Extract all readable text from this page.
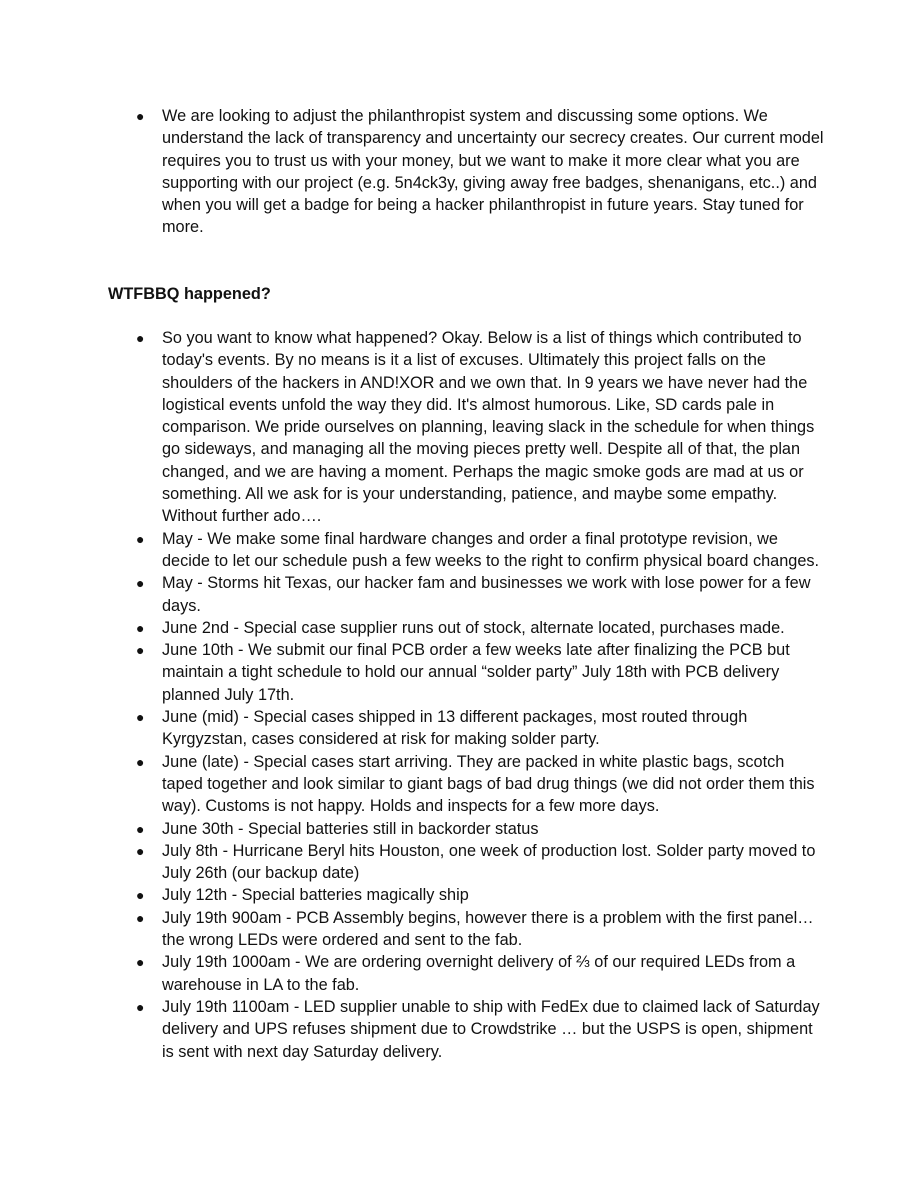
● We are looking to adjust the philanthropist system and discussing some options. We understand the lack of transparency and uncertainty our secrecy creates. Our current model requires you to trust us with your money, but we want to make it more clear what you are supporting with our project (e.g. 5n4ck3y, giving away free badges, shenanigans, etc..) and when you will get a badge for being a hacker philanthropist in future years. Stay tuned for more.
WTFBBQ happened?
● So you want to know what happened? Okay. Below is a list of things which contributed to today's events. By no means is it a list of excuses. Ultimately this project falls on the shoulders of the hackers in AND!XOR and we own that. In 9 years we have never had the logistical events unfold the way they did. It's almost humorous. Like, SD cards pale in comparison. We pride ourselves on planning, leaving slack in the schedule for when things go sideways, and managing all the moving pieces pretty well. Despite all of that, the plan changed, and we are having a moment. Perhaps the magic smoke gods are mad at us or something. All we ask for is your understanding, patience, and maybe some empathy. Without further ado….
● May - We make some final hardware changes and order a final prototype revision, we decide to let our schedule push a few weeks to the right to confirm physical board changes.
● May - Storms hit Texas, our hacker fam and businesses we work with lose power for a few days.
● June 2nd - Special case supplier runs out of stock, alternate located, purchases made.
● June 10th - We submit our final PCB order a few weeks late after finalizing the PCB but maintain a tight schedule to hold our annual “solder party” July 18th with PCB delivery planned July 17th.
● June (mid) - Special cases shipped in 13 different packages, most routed through Kyrgyzstan, cases considered at risk for making solder party.
● June (late) - Special cases start arriving. They are packed in white plastic bags, scotch taped together and look similar to giant bags of bad drug things (we did not order them this way). Customs is not happy. Holds and inspects for a few more days.
● June 30th - Special batteries still in backorder status
● July 8th - Hurricane Beryl hits Houston, one week of production lost. Solder party moved to July 26th (our backup date)
● July 12th - Special batteries magically ship
● July 19th 900am - PCB Assembly begins, however there is a problem with the first panel… the wrong LEDs were ordered and sent to the fab.
● July 19th 1000am - We are ordering overnight delivery of ⅔ of our required LEDs from a warehouse in LA to the fab.
● July 19th 1100am - LED supplier unable to ship with FedEx due to claimed lack of Saturday delivery and UPS refuses shipment due to Crowdstrike … but the USPS is open, shipment is sent with next day Saturday delivery.
